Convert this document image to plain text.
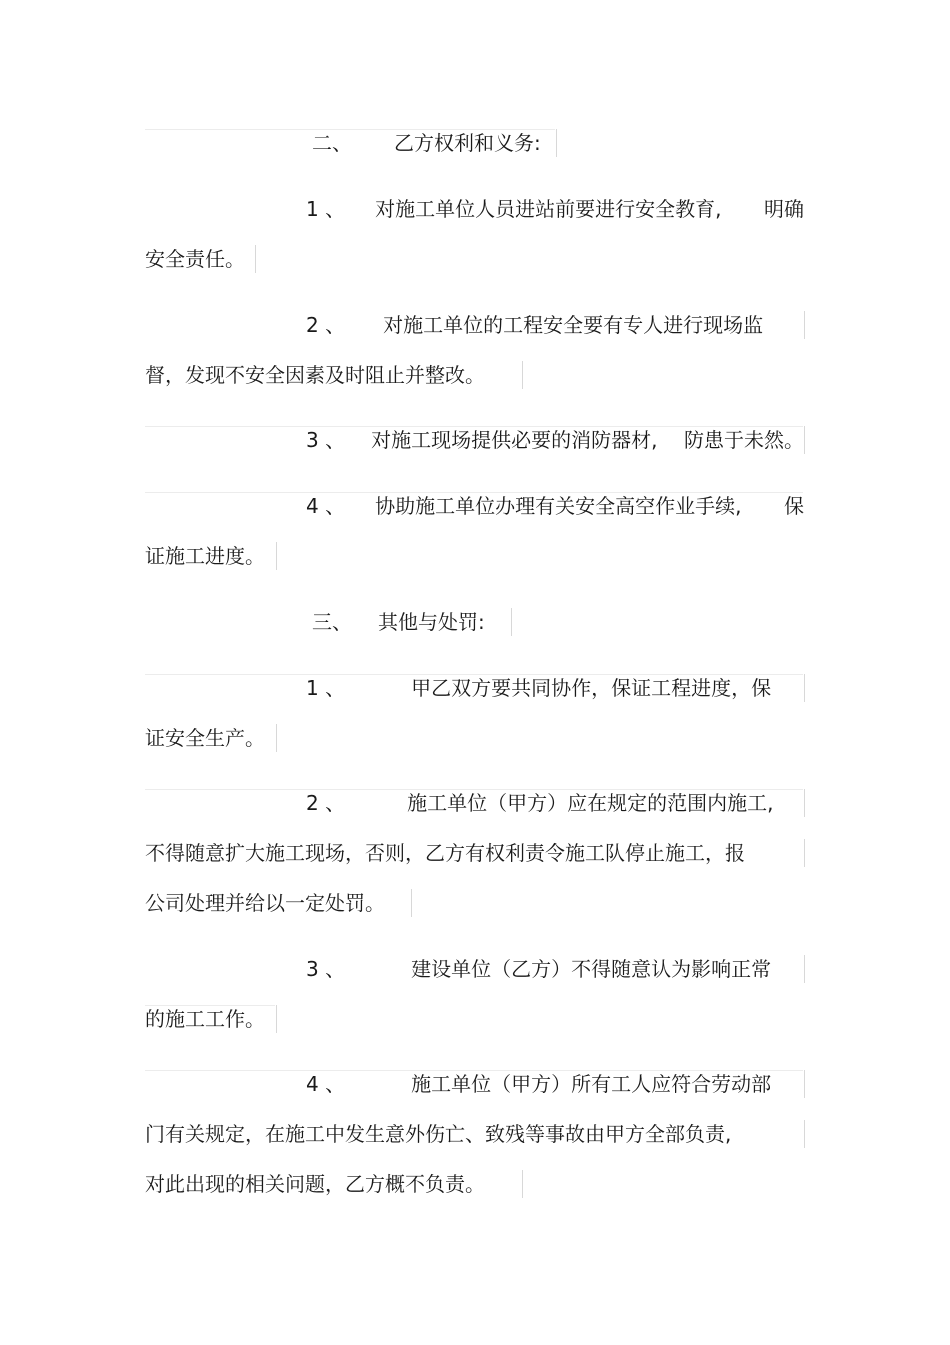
二、 乙方权利和义务:
1 、 对施工单位人员进站前要进行安全教育, 明确
安全责任。
2 、 对施工单位的工程安全要有专人进行现场监
督，发现不安全因素及时阻止并整改。
3 、 对施工现场提供必要的消防器材, 防患于未然。
4 、 协助施工单位办理有关安全高空作业手续, 保
证施工进度。
三、 其他与处罚:
1 、	甲乙双方要共同协作，保证工程进度，保
证安全生产。
2 、	施工单位（甲方）应在规定的范围内施工,
不得随意扩大施工现场，否则，乙方有权利责令施工队停止施工，报
公司处理并给以一定处罚。
3 、	建设单位（乙方）不得随意认为影响正常
的施工工作。
4 、	施工单位（甲方）所有工人应符合劳动部
门有关规定，在施工中发生意外伤亡、致残等事故由甲方全部负责,
对此出现的相关问题，乙方概不负责。
